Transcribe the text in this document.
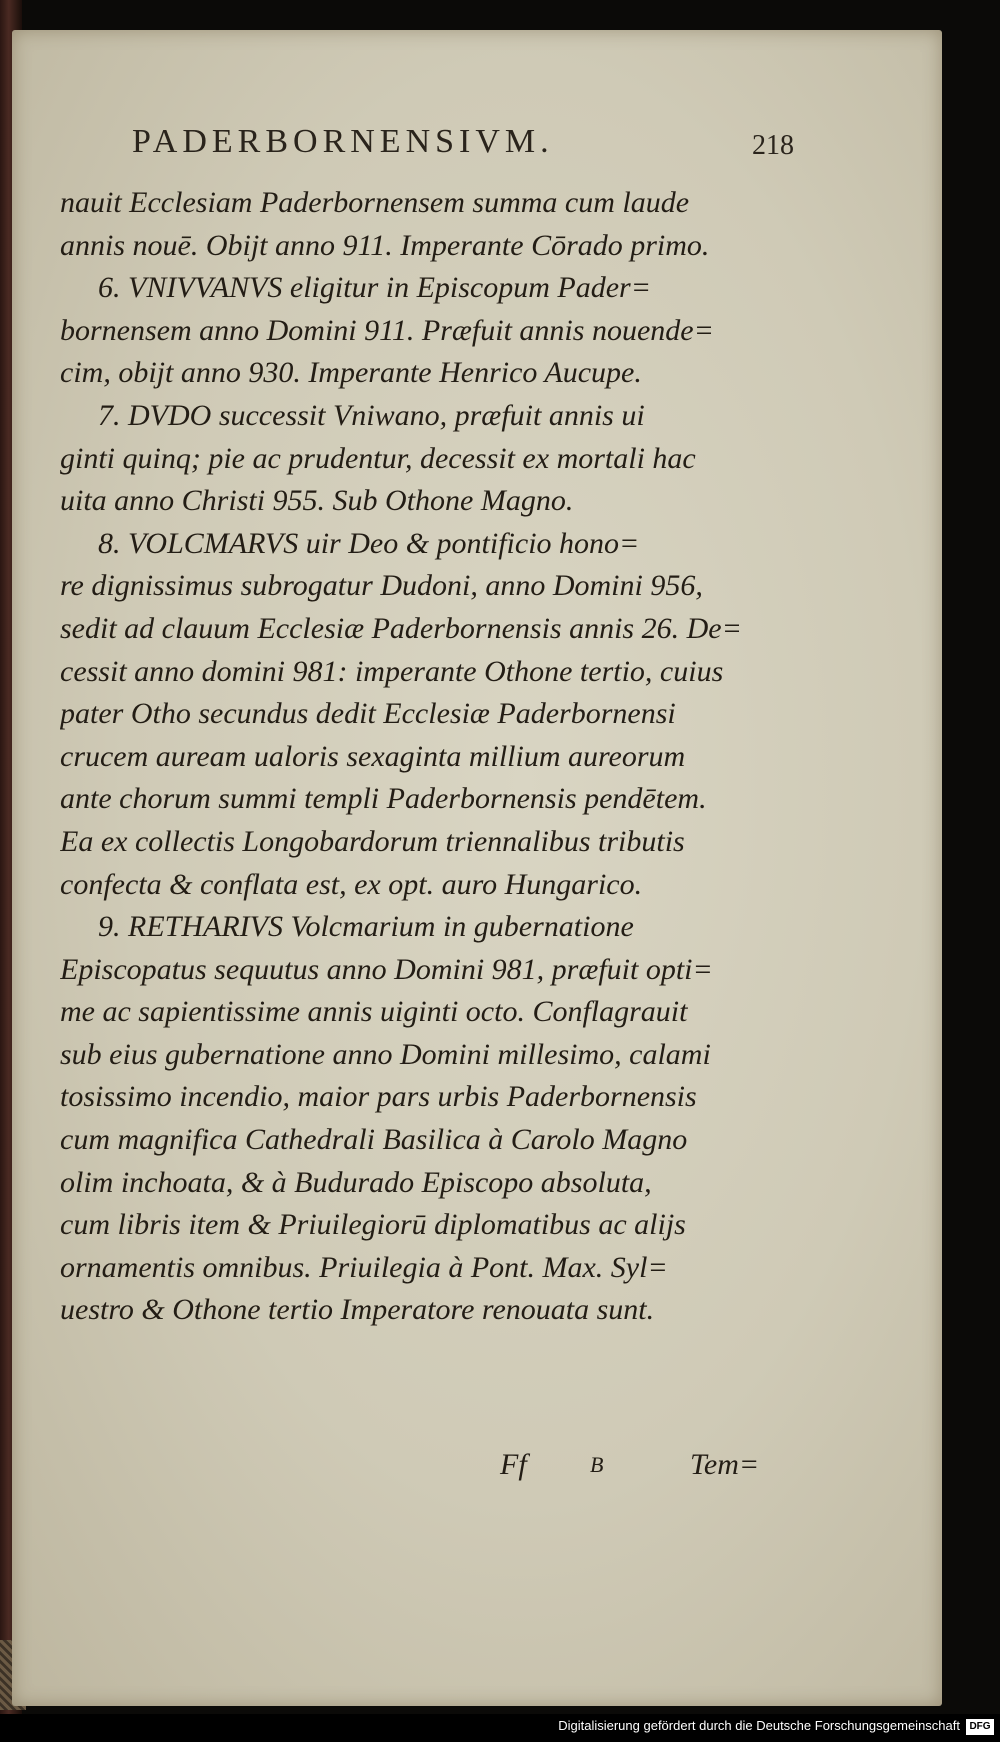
PADERBORNENSIVM.	218
nauit Ecclesiam Paderbornensem summa cum laude
annis nouē. Obijt anno 911. Imperante Cōrado primo.
6. VNIVVANVS eligitur in Episcopum Pader=
bornensem anno Domini 911. Præfuit annis nouende=
cim, obijt anno 930. Imperante Henrico Aucupe.
7. DVDO successit Vniwano, præfuit annis ui
ginti quinq; pie ac prudentur, decessit ex mortali hac
uita anno Christi 955. Sub Othone Magno.
8. VOLCMARVS uir Deo & pontificio hono=
re dignissimus subrogatur Dudoni, anno Domini 956,
sedit ad clauum Ecclesiæ Paderbornensis annis 26. De=
cessit anno domini 981: imperante Othone tertio, cuius
pater Otho secundus dedit Ecclesiæ Paderbornensi
crucem auream ualoris sexaginta millium aureorum
ante chorum summi templi Paderbornensis pendētem.
Ea ex collectis Longobardorum triennalibus tributis
confecta & conflata est, ex opt. auro Hungarico.
9. RETHARIVS Volcmarium in gubernatione
Episcopatus sequutus anno Domini 981, præfuit opti=
me ac sapientissime annis uiginti octo. Conflagrauit
sub eius gubernatione anno Domini millesimo, calami
tosissimo incendio, maior pars urbis Paderbornensis
cum magnifica Cathedrali Basilica à Carolo Magno
olim inchoata, & à Budurado Episcopo absoluta,
cum libris item & Priuilegiorū diplomatibus ac alijs
ornamentis omnibus. Priuilegia à Pont. Max. Syl=
uestro & Othone tertio Imperatore renouata sunt.
Ff	B	Tem=
Digitalisierung gefördert durch die Deutsche Forschungsgemeinschaft DFG
